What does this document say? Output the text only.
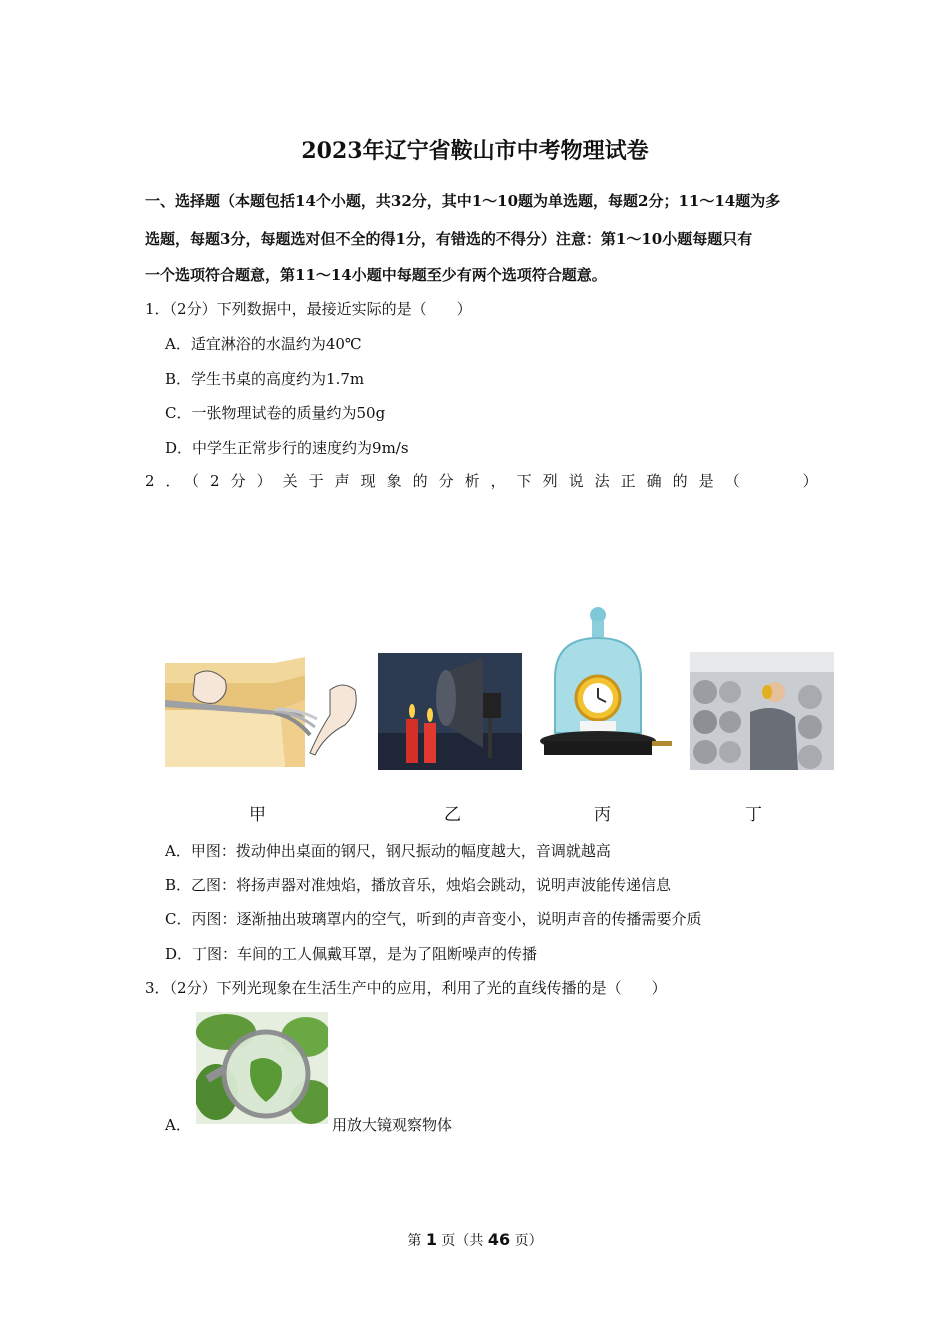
2023年辽宁省鞍山市中考物理试卷
一、选择题（本题包括14个小题，共32分，其中1～10题为单选题，每题2分；11～14题为多
选题，每题3分，每题选对但不全的得1分，有错选的不得分）注意：第1～10小题每题只有
一个选项符合题意，第11～14小题中每题至少有两个选项符合题意。
1．（2分）下列数据中，最接近实际的是（　　）
A．适宜淋浴的水温约为40℃
B．学生书桌的高度约为1.7m
C．一张物理试卷的质量约为50g
D．中学生正常步行的速度约为9m/s
2．（2分）关于声现象的分析，下列说法正确的是（　　）
甲	乙	丙	丁
A．甲图：拨动伸出桌面的钢尺，钢尺振动的幅度越大，音调就越高
B．乙图：将扬声器对准烛焰，播放音乐，烛焰会跳动，说明声波能传递信息
C．丙图：逐渐抽出玻璃罩内的空气，听到的声音变小，说明声音的传播需要介质
D．丁图：车间的工人佩戴耳罩，是为了阻断噪声的传播
3．（2分）下列光现象在生活生产中的应用，利用了光的直线传播的是（　　）
A．	用放大镜观察物体
第 1 页（共 46 页）
